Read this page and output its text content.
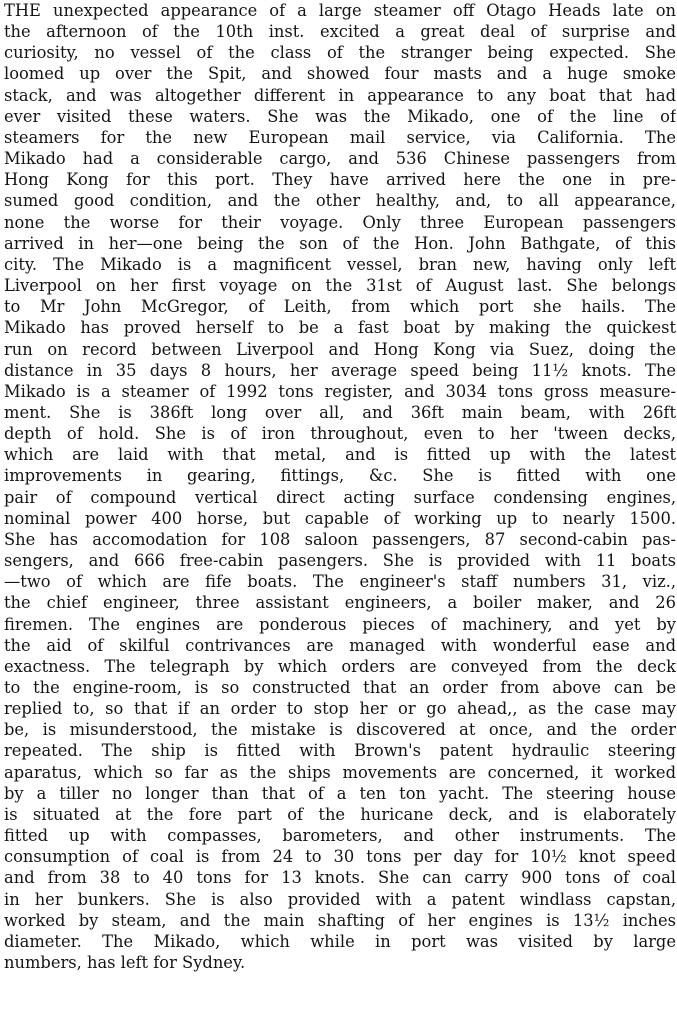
THE unexpected appearance of a large steamer off Otago Heads late on
the afternoon of the 10th inst. excited a great deal of surprise and
curiosity, no vessel of the class of the stranger being expected. She
loomed up over the Spit, and showed four masts and a huge smoke
stack, and was altogether different in appearance to any boat that had
ever visited these waters. She was the Mikado, one of the line of
steamers for the new European mail service, via California. The
Mikado had a considerable cargo, and 536 Chinese passengers from
Hong Kong for this port. They have arrived here the one in pre-
sumed good condition, and the other healthy, and, to all appearance,
none the worse for their voyage. Only three European passengers
arrived in her—one being the son of the Hon. John Bathgate, of this
city. The Mikado is a magnificent vessel, bran new, having only left
Liverpool on her first voyage on the 31st of August last. She belongs
to Mr John McGregor, of Leith, from which port she hails. The
Mikado has proved herself to be a fast boat by making the quickest
run on record between Liverpool and Hong Kong via Suez, doing the
distance in 35 days 8 hours, her average speed being 11½ knots. The
Mikado is a steamer of 1992 tons register, and 3034 tons gross measure-
ment. She is 386ft long over all, and 36ft main beam, with 26ft
depth of hold. She is of iron throughout, even to her 'tween decks,
which are laid with that metal, and is fitted up with the latest
improvements in gearing, fittings, &c. She is fitted with one
pair of compound vertical direct acting surface condensing engines,
nominal power 400 horse, but capable of working up to nearly 1500.
She has accomodation for 108 saloon passengers, 87 second-cabin pas-
sengers, and 666 free-cabin pasengers. She is provided with 11 boats
—two of which are fife boats. The engineer's staff numbers 31, viz.,
the chief engineer, three assistant engineers, a boiler maker, and 26
firemen. The engines are ponderous pieces of machinery, and yet by
the aid of skilful contrivances are managed with wonderful ease and
exactness. The telegraph by which orders are conveyed from the deck
to the engine-room, is so constructed that an order from above can be
replied to, so that if an order to stop her or go ahead,, as the case may
be, is misunderstood, the mistake is discovered at once, and the order
repeated. The ship is fitted with Brown's patent hydraulic steering
aparatus, which so far as the ships movements are concerned, it worked
by a tiller no longer than that of a ten ton yacht. The steering house
is situated at the fore part of the huricane deck, and is elaborately
fitted up with compasses, barometers, and other instruments. The
consumption of coal is from 24 to 30 tons per day for 10½ knot speed
and from 38 to 40 tons for 13 knots. She can carry 900 tons of coal
in her bunkers. She is also provided with a patent windlass capstan,
worked by steam, and the main shafting of her engines is 13½ inches
diameter. The Mikado, which while in port was visited by large
numbers, has left for Sydney.
